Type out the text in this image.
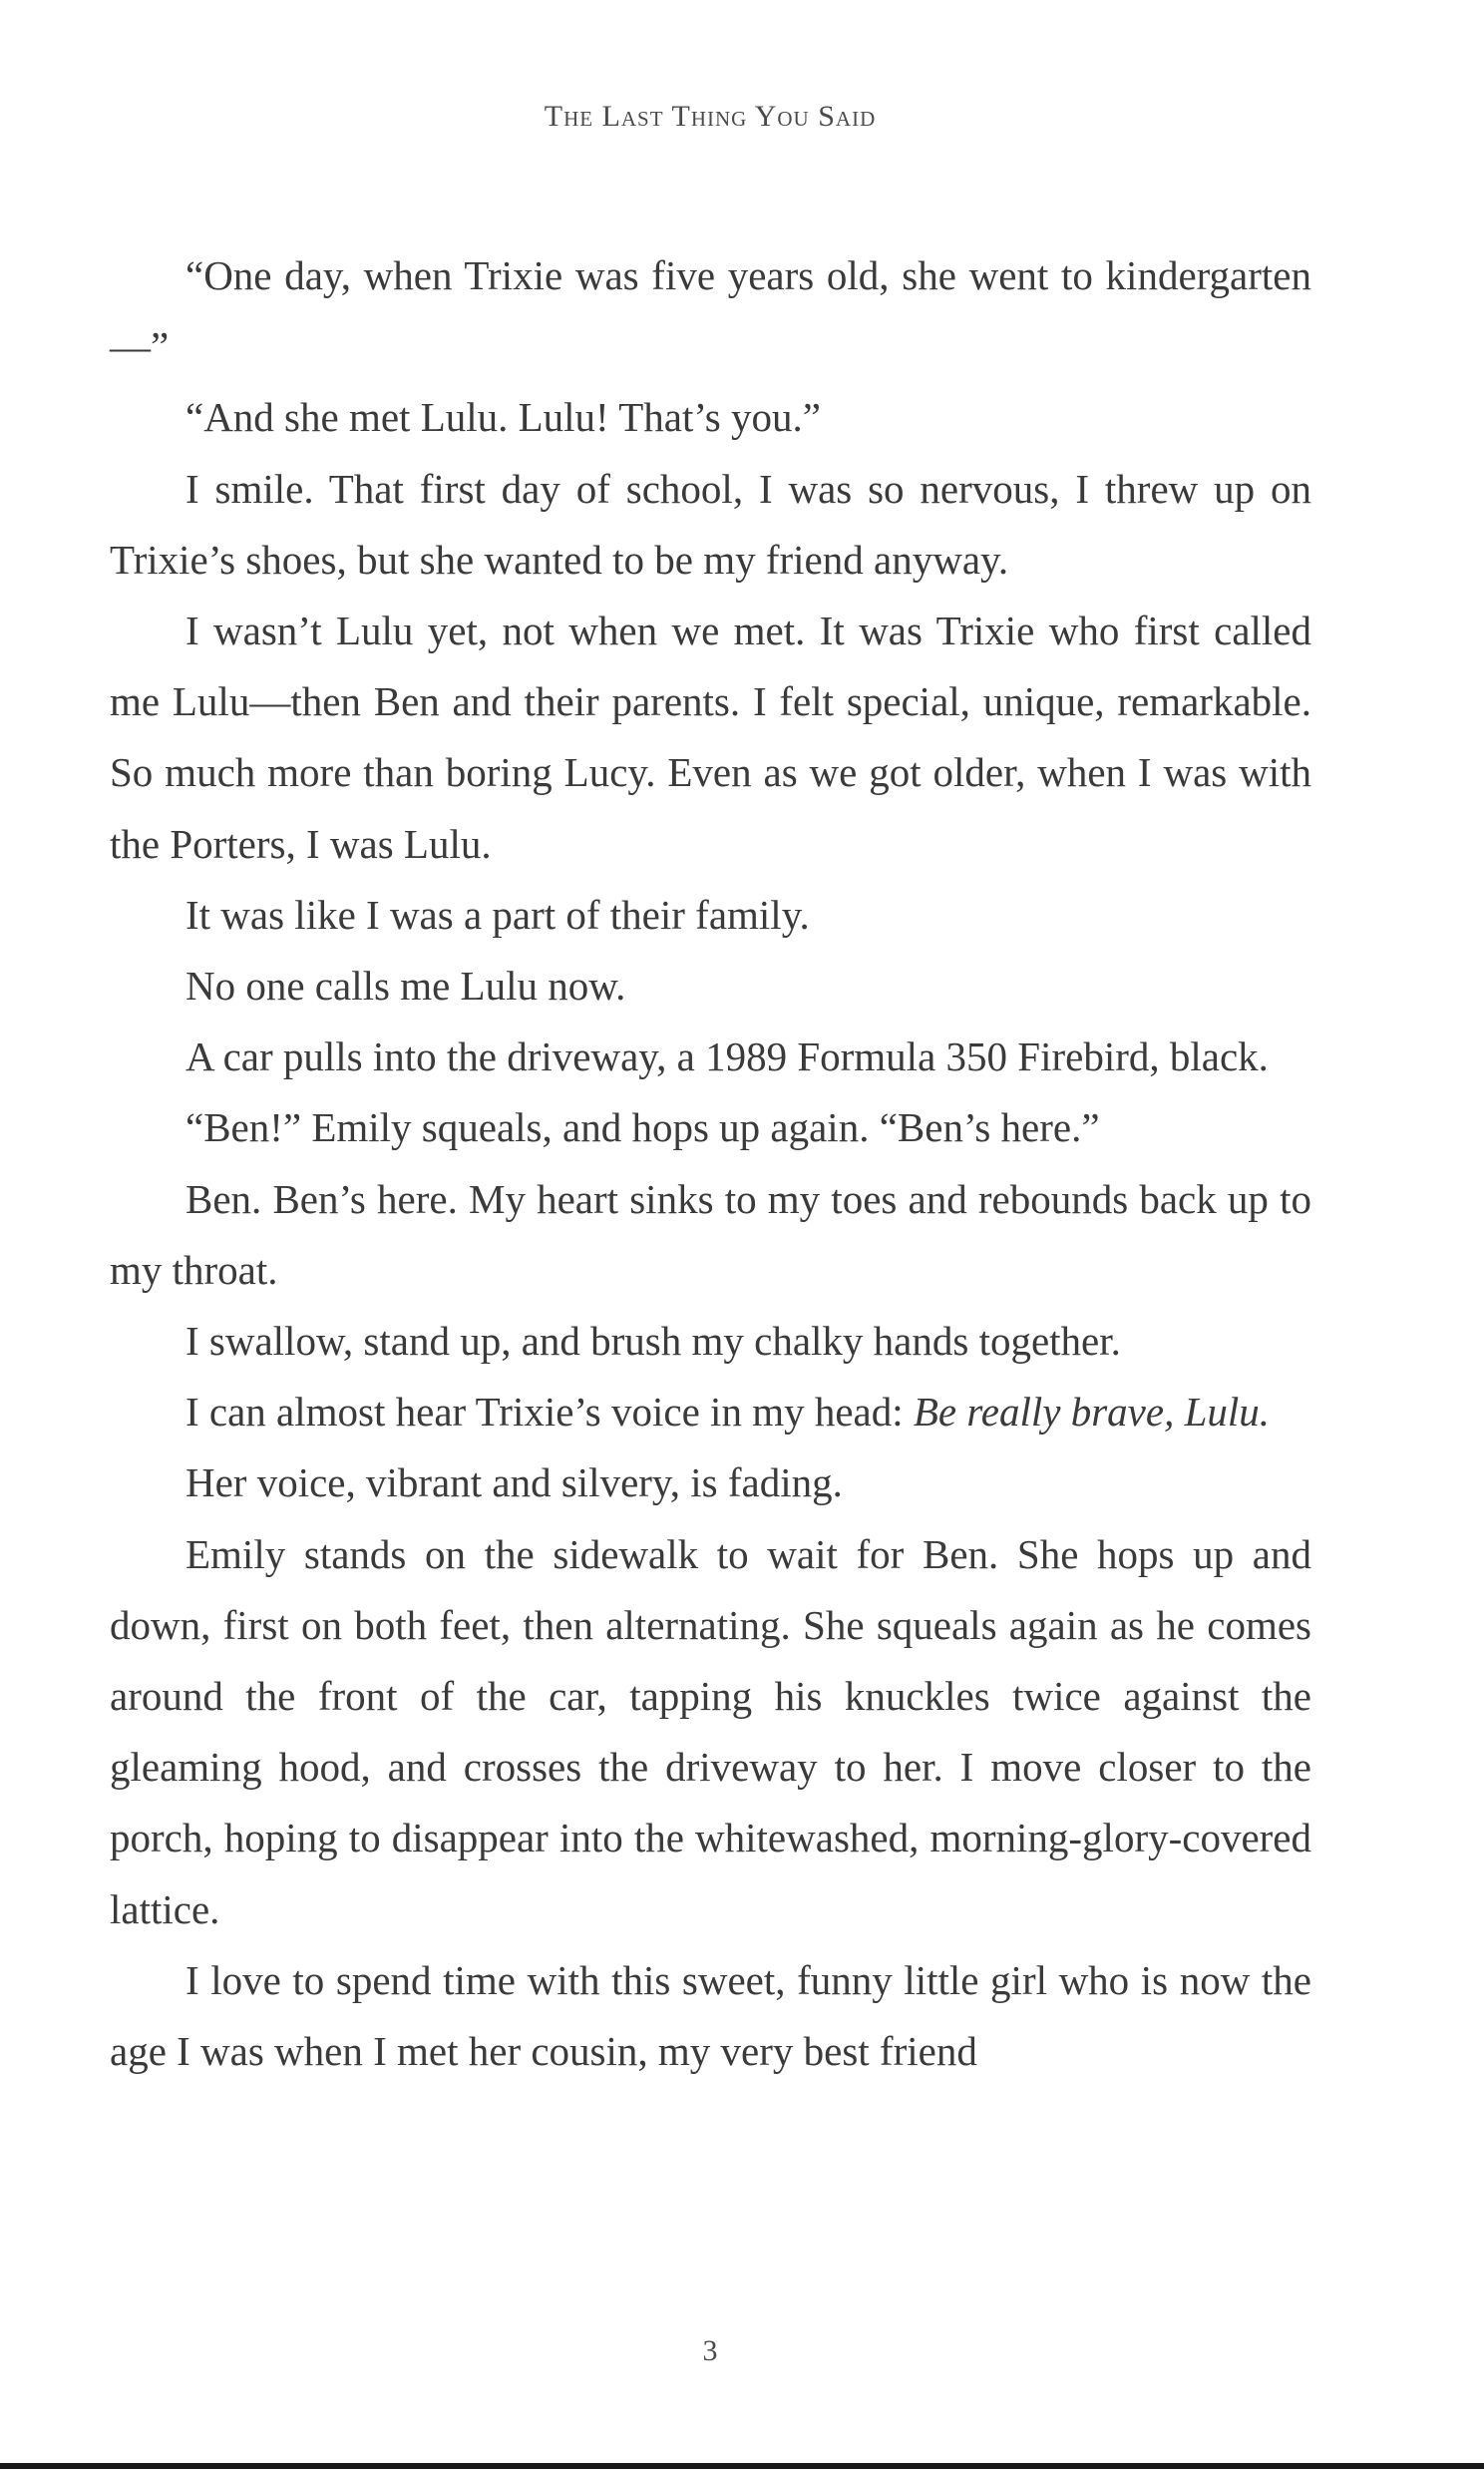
The Last Thing You Said

“One day, when Trixie was five years old, she went to kindergarten—”

“And she met Lulu. Lulu! That’s you.”

I smile. That first day of school, I was so nervous, I threw up on Trixie’s shoes, but she wanted to be my friend anyway.

I wasn’t Lulu yet, not when we met. It was Trixie who first called me Lulu—then Ben and their parents. I felt special, unique, remarkable. So much more than boring Lucy. Even as we got older, when I was with the Porters, I was Lulu.

It was like I was a part of their family.

No one calls me Lulu now.

A car pulls into the driveway, a 1989 Formula 350 Firebird, black.

“Ben!” Emily squeals, and hops up again. “Ben’s here.”

Ben. Ben’s here. My heart sinks to my toes and rebounds back up to my throat.

I swallow, stand up, and brush my chalky hands together.

I can almost hear Trixie’s voice in my head: Be really brave, Lulu.

Her voice, vibrant and silvery, is fading.

Emily stands on the sidewalk to wait for Ben. She hops up and down, first on both feet, then alternating. She squeals again as he comes around the front of the car, tapping his knuckles twice against the gleaming hood, and crosses the driveway to her. I move closer to the porch, hoping to disappear into the whitewashed, morning-glory-covered lattice.

I love to spend time with this sweet, funny little girl who is now the age I was when I met her cousin, my very best friend

3
